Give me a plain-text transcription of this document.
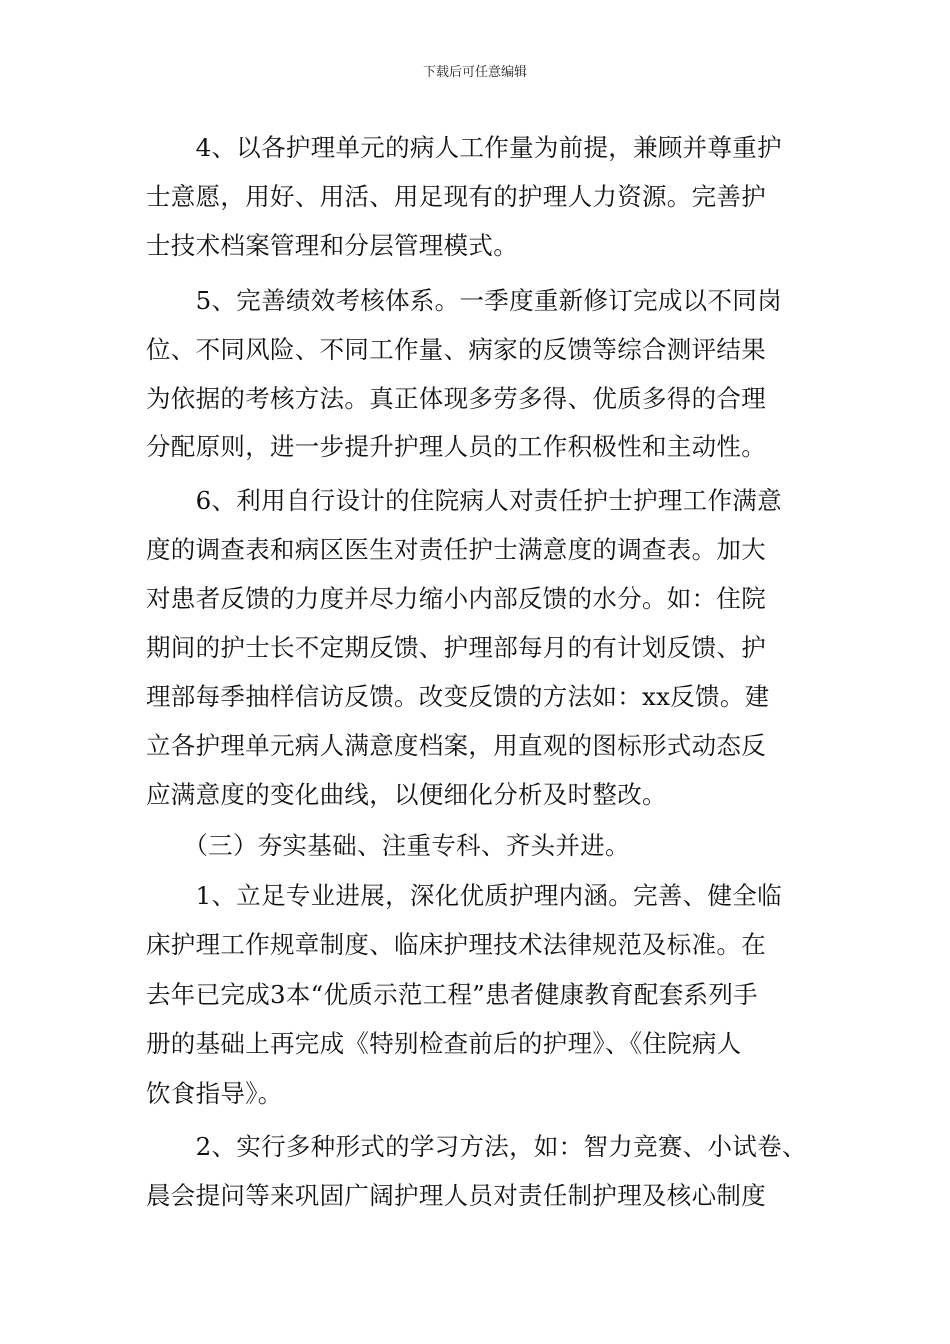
下载后可任意编辑
　　4、以各护理单元的病人工作量为前提，兼顾并尊重护
士意愿，用好、用活、用足现有的护理人力资源。完善护
士技术档案管理和分层管理模式。
　　5、完善绩效考核体系。一季度重新修订完成以不同岗
位、不同风险、不同工作量、病家的反馈等综合测评结果
为依据的考核方法。真正体现多劳多得、优质多得的合理
分配原则，进一步提升护理人员的工作积极性和主动性。
　　6、利用自行设计的住院病人对责任护士护理工作满意
度的调查表和病区医生对责任护士满意度的调查表。加大
对患者反馈的力度并尽力缩小内部反馈的水分。如：住院
期间的护士长不定期反馈、护理部每月的有计划反馈、护
理部每季抽样信访反馈。改变反馈的方法如：xx反馈。建
立各护理单元病人满意度档案，用直观的图标形式动态反
应满意度的变化曲线，以便细化分析及时整改。
　　（三）夯实基础、注重专科、齐头并进。
　　1、立足专业进展，深化优质护理内涵。完善、健全临
床护理工作规章制度、临床护理技术法律规范及标准。在
去年已完成3本“优质示范工程”患者健康教育配套系列手
册的基础上再完成《特别检查前后的护理》、《住院病人
饮食指导》。
　　2、实行多种形式的学习方法，如：智力竞赛、小试卷、
晨会提问等来巩固广阔护理人员对责任制护理及核心制度
